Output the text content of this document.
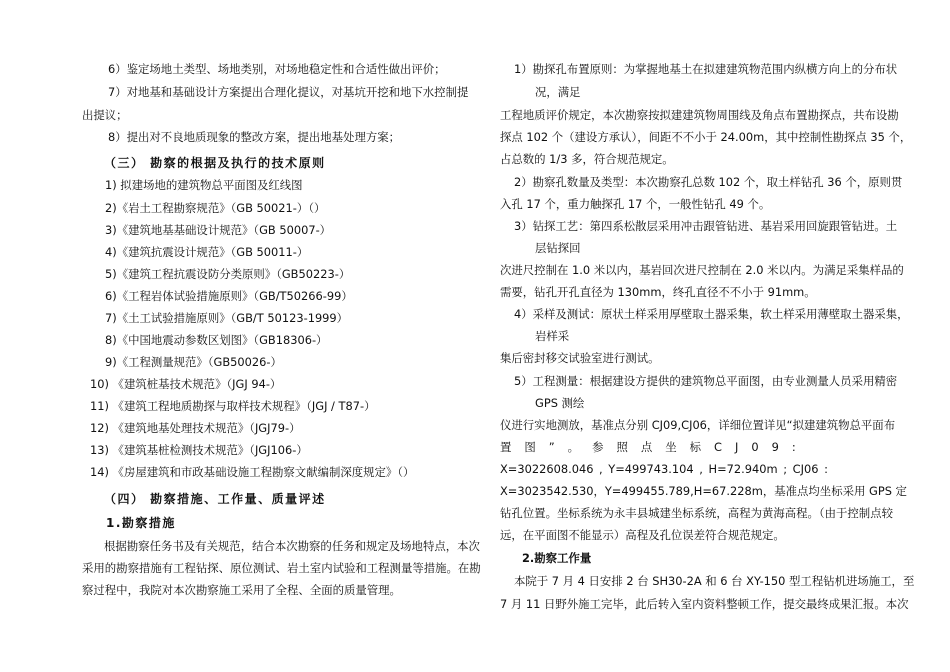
6）鉴定场地土类型、场地类别，对场地稳定性和合适性做出评价；
7）对地基和基础设计方案提出合理化提议，对基坑开挖和地下水控制提
出提议；
8）提出对不良地质现象的整改方案，提出地基处理方案；
（三） 勘察的根据及执行的技术原则
1) 拟建场地的建筑物总平面图及红线图
2)《岩土工程勘察规范》（GB 50021-）（）
3)《建筑地基基础设计规范》（GB 50007-）
4)《建筑抗震设计规范》（GB 50011-）
5)《建筑工程抗震设防分类原则》（GB50223-）
6)《工程岩体试验措施原则》（GB/T50266-99）
7)《土工试验措施原则》（GB/T 50123-1999）
8)《中国地震动参数区划图》（GB18306-）
9)《工程测量规范》（GB50026-）
10) 《建筑桩基技术规范》（JGJ 94-）
11) 《建筑工程地质勘探与取样技术规程》（JGJ / T87-）
12) 《建筑地基处理技术规范》（JGJ79-）
13) 《建筑基桩检测技术规范》（JGJ106-）
14) 《房屋建筑和市政基础设施工程勘察文献编制深度规定》（）
（四） 勘察措施、工作量、质量评述
1.勘察措施
根据勘察任务书及有关规范，结合本次勘察的任务和规定及场地特点，本次
采用的勘察措施有工程钻探、原位测试、岩土室内试验和工程测量等措施。在勘
察过程中，我院对本次勘察施工采用了全程、全面的质量管理。
1）勘探孔布置原则：为掌握地基土在拟建建筑物范围内纵横方向上的分布状
况，满足
工程地质评价规定，本次勘察按拟建建筑物周围线及角点布置勘探点，共布设勘
探点 102 个（建设方承认），间距不不小于 24.00m，其中控制性勘探点 35 个，
占总数的 1/3 多，符合规范规定。
2）勘察孔数量及类型：本次勘察孔总数 102 个，取土样钻孔 36 个，原则贯
入孔 17 个，重力触探孔 17 个，一般性钻孔 49 个。
3）钻探工艺：第四系松散层采用冲击跟管钻进、基岩采用回旋跟管钻进。土
层钻探回
次进尺控制在 1.0 米以内，基岩回次进尺控制在 2.0 米以内。为满足采集样品的
需要，钻孔开孔直径为 130mm，终孔直径不不小于 91mm。
4）采样及测试：原状土样采用厚壁取土器采集，软土样采用薄壁取土器采集，
岩样采
集后密封移交试验室进行测试。
5）工程测量：根据建设方提供的建筑物总平面图，由专业测量人员采用精密
GPS 测绘
仪进行实地测放，基准点分别 CJ09,CJ06，详细位置详见“拟建建筑物总平面布
置图”。参照点坐标CJ09:
X=3022608.046 , Y=499743.104 , H=72.940m ; CJ06 :
X=3023542.530，Y=499455.789,H=67.228m，基准点均坐标采用 GPS 定
钻孔位置。坐标系统为永丰县城建坐标系统，高程为黄海高程。（由于控制点较
远，在平面图不能显示）高程及孔位误差符合规范规定。
2.勘察工作量
本院于 7 月 4 日安排 2 台 SH30-2A 和 6 台 XY-150 型工程钻机进场施工，至
7 月 11 日野外施工完毕，此后转入室内资料整顿工作，提交最终成果汇报。本次
